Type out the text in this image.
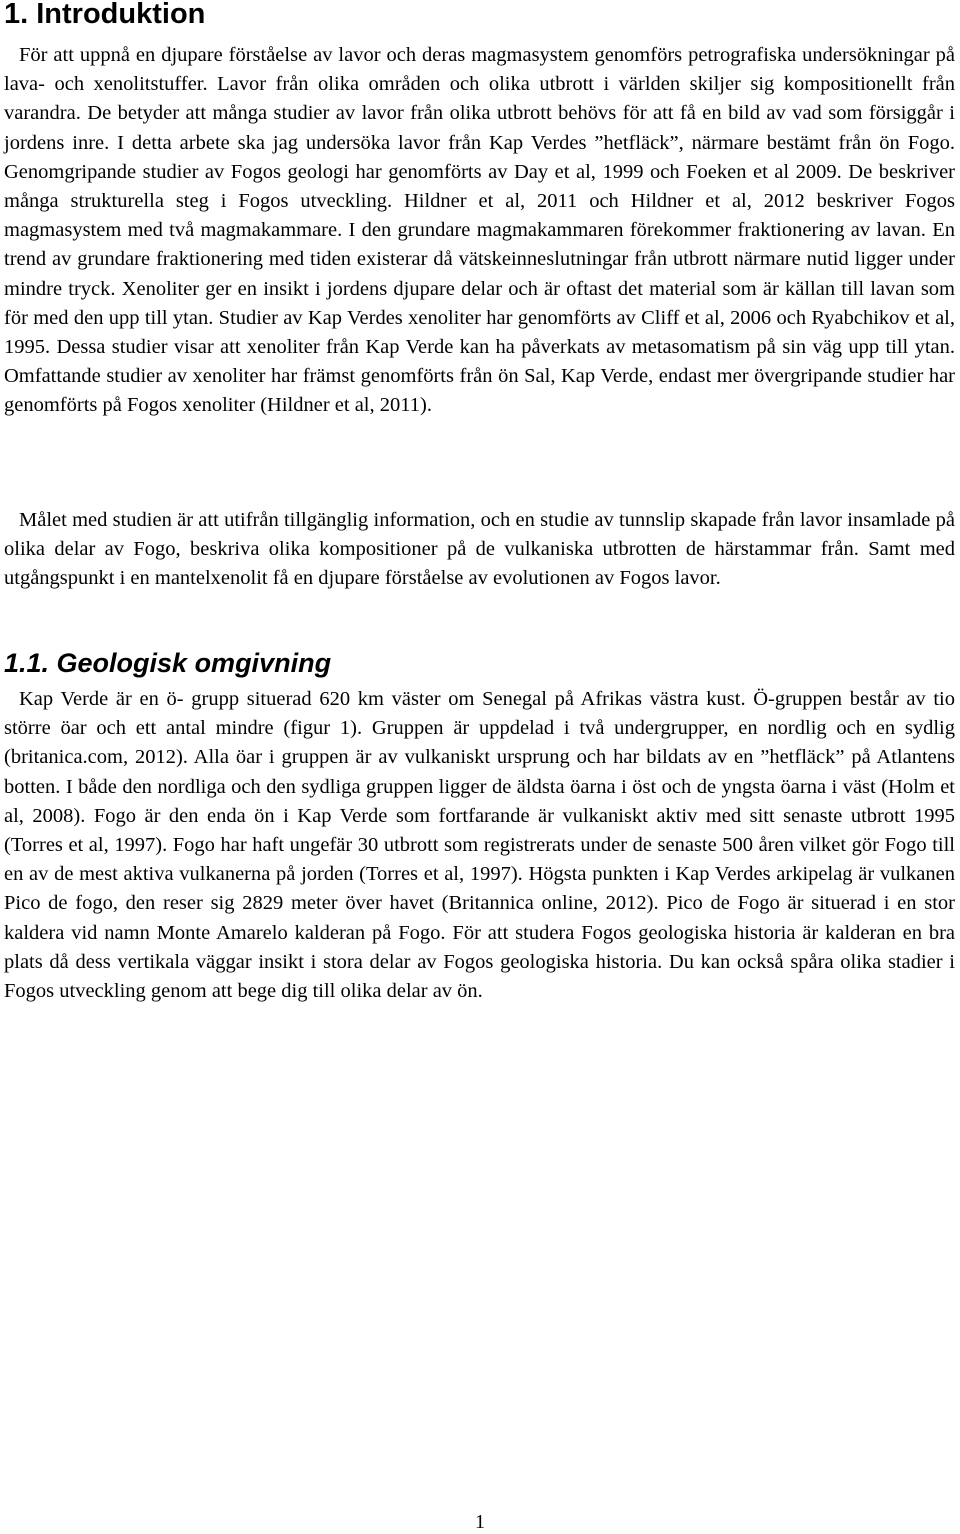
1. Introduktion

För att uppnå en djupare förståelse av lavor och deras magmasystem genomförs petrografiska undersökningar på lava- och xenolitstuffer. Lavor från olika områden och olika utbrott i världen skiljer sig kompositionellt från varandra. De betyder att många studier av lavor från olika utbrott behövs för att få en bild av vad som försiggår i jordens inre. I detta arbete ska jag undersöka lavor från Kap Verdes ”hetfläck”, närmare bestämt från ön Fogo. Genomgripande studier av Fogos geologi har genomförts av Day et al, 1999 och Foeken et al 2009. De beskriver många strukturella steg i Fogos utveckling. Hildner et al, 2011 och Hildner et al, 2012 beskriver Fogos magmasystem med två magmakammare. I den grundare magmakammaren förekommer fraktionering av lavan. En trend av grundare fraktionering med tiden existerar då vätskeinneslutningar från utbrott närmare nutid ligger under mindre tryck. Xenoliter ger en insikt i jordens djupare delar och är oftast det material som är källan till lavan som för med den upp till ytan. Studier av Kap Verdes xenoliter har genomförts av Cliff et al, 2006 och Ryabchikov et al, 1995. Dessa studier visar att xenoliter från Kap Verde kan ha påverkats av metasomatism på sin väg upp till ytan. Omfattande studier av xenoliter har främst genomförts från ön Sal, Kap Verde, endast mer övergripande studier har genomförts på Fogos xenoliter (Hildner et al, 2011).

Målet med studien är att utifrån tillgänglig information, och en studie av tunnslip skapade från lavor insamlade på olika delar av Fogo, beskriva olika kompositioner på de vulkaniska utbrotten de härstammar från. Samt med utgångspunkt i en mantelxenolit få en djupare förståelse av evolutionen av Fogos lavor.

1.1. Geologisk omgivning

Kap Verde är en ö- grupp situerad 620 km väster om Senegal på Afrikas västra kust. Ö-gruppen består av tio större öar och ett antal mindre (figur 1). Gruppen är uppdelad i två undergrupper, en nordlig och en sydlig (britanica.com, 2012). Alla öar i gruppen är av vulkaniskt ursprung och har bildats av en ”hetfläck” på Atlantens botten. I både den nordliga och den sydliga gruppen ligger de äldsta öarna i öst och de yngsta öarna i väst (Holm et al, 2008). Fogo är den enda ön i Kap Verde som fortfarande är vulkaniskt aktiv med sitt senaste utbrott 1995 (Torres et al, 1997). Fogo har haft ungefär 30 utbrott som registrerats under de senaste 500 åren vilket gör Fogo till en av de mest aktiva vulkanerna på jorden (Torres et al, 1997). Högsta punkten i Kap Verdes arkipelag är vulkanen Pico de fogo, den reser sig 2829 meter över havet (Britannica online, 2012). Pico de Fogo är situerad i en stor kaldera vid namn Monte Amarelo kalderan på Fogo. För att studera Fogos geologiska historia är kalderan en bra plats då dess vertikala väggar insikt i stora delar av Fogos geologiska historia. Du kan också spåra olika stadier i Fogos utveckling genom att bege dig till olika delar av ön.

1
